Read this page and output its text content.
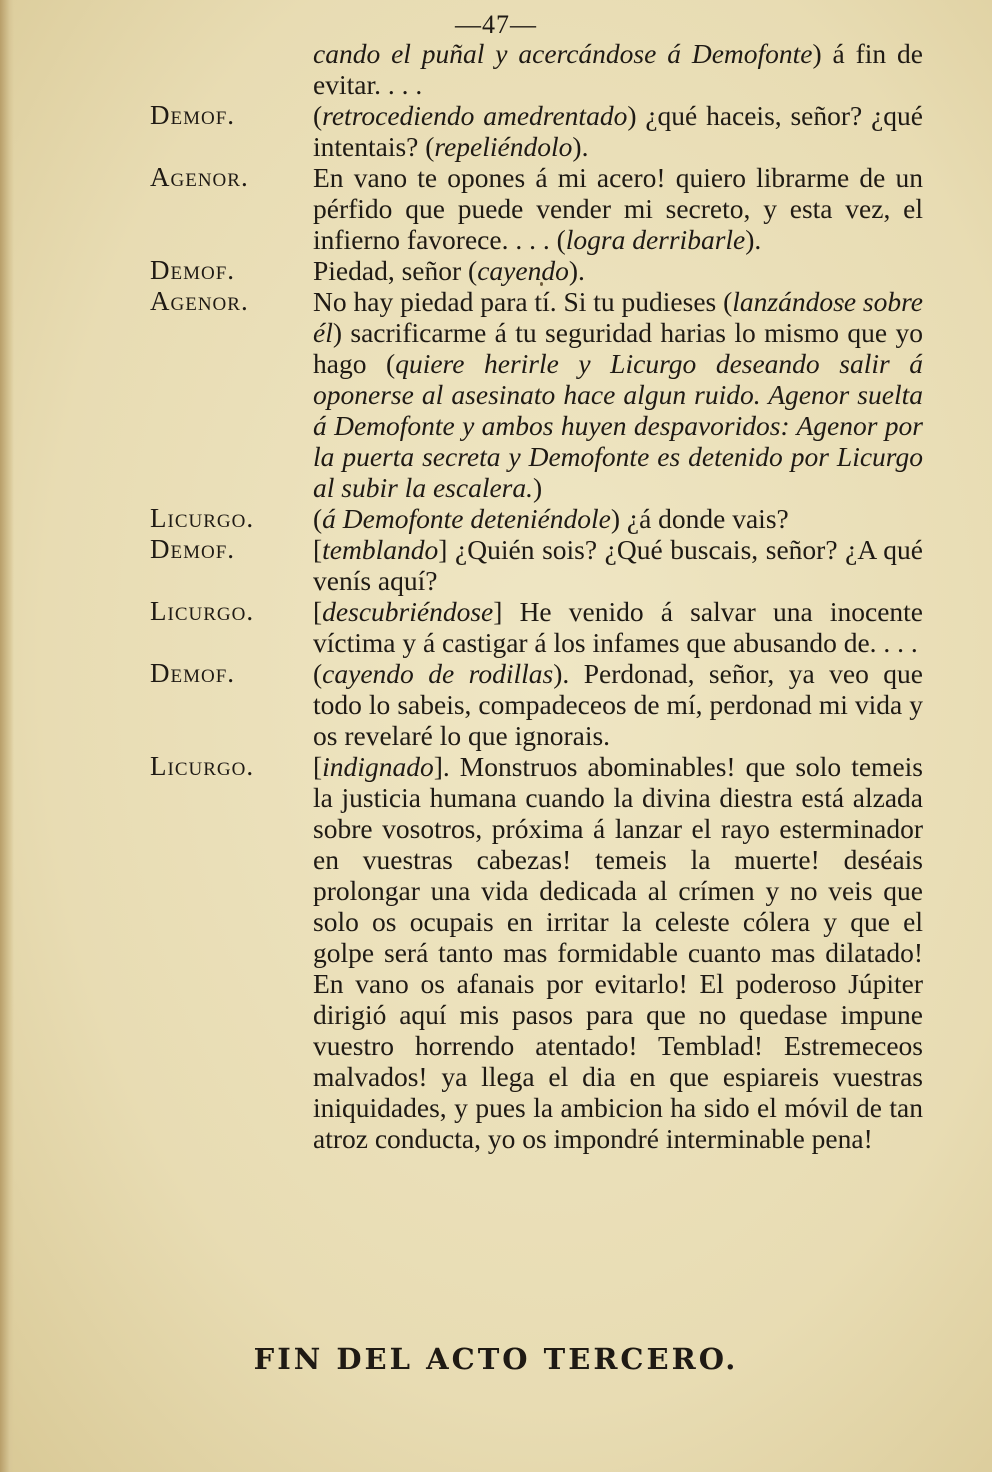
—47—
cando el puñal y acercándose á Demofonte) á fin de evitar. . . .
Demof.	(retrocediendo amedrentado) ¿qué haceis, señor? ¿qué intentais? (repeliéndolo).
Agenor.	En vano te opones á mi acero! quiero librarme de un pérfido que puede vender mi secreto, y esta vez, el infierno favorece. . . . (logra derribarle).
Demof.	Piedad, señor (cayendo).
Agenor.	No hay piedad para tí. Si tu pudieses (lanzándose sobre él) sacrificarme á tu seguridad harias lo mismo que yo hago (quiere herirle y Licurgo deseando salir á oponerse al asesinato hace algun ruido. Agenor suelta á Demofonte y ambos huyen despavoridos: Agenor por la puerta secreta y Demofonte es detenido por Licurgo al subir la escalera.)
Licurgo.	(á Demofonte deteniéndole) ¿á donde vais?
Demof.	[temblando] ¿Quién sois? ¿Qué buscais, señor? ¿A qué venís aquí?
Licurgo.	[descubriéndose] He venido á salvar una inocente víctima y á castigar á los infames que abusando de. . . .
Demof.	(cayendo de rodillas). Perdonad, señor, ya veo que todo lo sabeis, compadeceos de mí, perdonad mi vida y os revelaré lo que ignorais.
Licurgo.	[indignado]. Monstruos abominables! que solo temeis la justicia humana cuando la divina diestra está alzada sobre vosotros, próxima á lanzar el rayo esterminador en vuestras cabezas! temeis la muerte! deséais prolongar una vida dedicada al crímen y no veis que solo os ocupais en irritar la celeste cólera y que el golpe será tanto mas formidable cuanto mas dilatado! En vano os afanais por evitarlo! El poderoso Júpiter dirigió aquí mis pasos para que no quedase impune vuestro horrendo atentado! Temblad! Estremeceos malvados! ya llega el dia en que espiareis vuestras iniquidades, y pues la ambicion ha sido el móvil de tan atroz conducta, yo os impondré interminable pena!
FIN DEL ACTO TERCERO.
